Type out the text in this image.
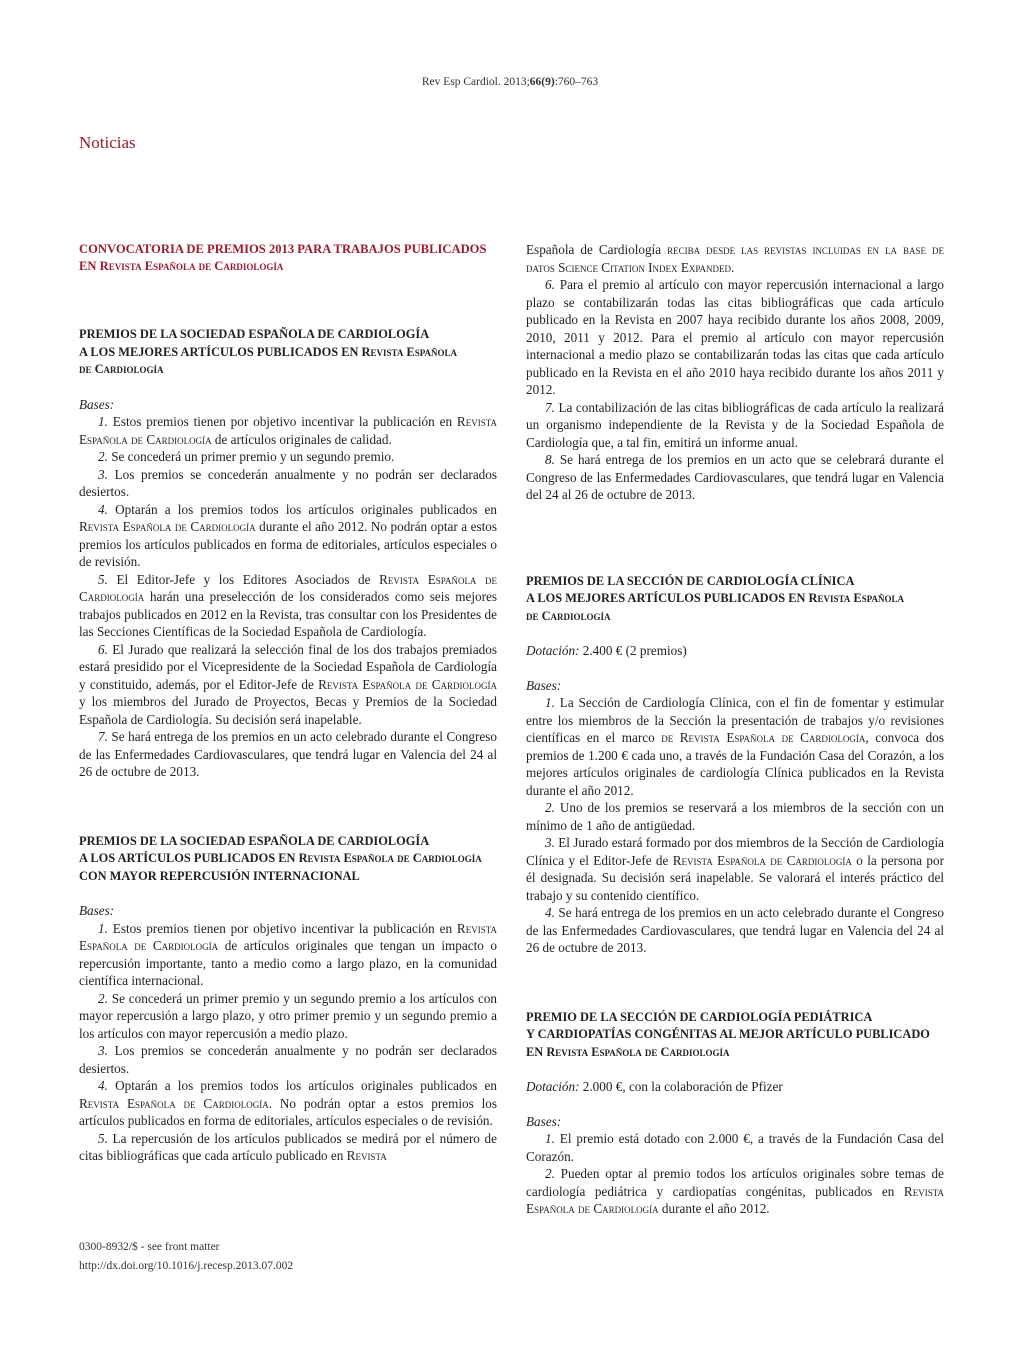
Rev Esp Cardiol. 2013;66(9):760–763
Noticias
CONVOCATORIA DE PREMIOS 2013 PARA TRABAJOS PUBLICADOS
EN Revista Española de Cardiología
PREMIOS DE LA SOCIEDAD ESPAÑOLA DE CARDIOLOGÍA
A LOS MEJORES ARTÍCULOS PUBLICADOS EN Revista Española
de Cardiología

Bases:

1. Estos premios tienen por objetivo incentivar la publicación en Revista Española de Cardiología de artículos originales de calidad.

2. Se concederá un primer premio y un segundo premio.

3. Los premios se concederán anualmente y no podrán ser declarados desiertos.

4. Optarán a los premios todos los artículos originales publicados en Revista Española de Cardiología durante el año 2012. No podrán optar a estos premios los artículos publicados en forma de editoriales, artículos especiales o de revisión.

5. El Editor-Jefe y los Editores Asociados de Revista Española de Cardiología harán una preselección de los considerados como seis mejores trabajos publicados en 2012 en la Revista, tras consultar con los Presidentes de las Secciones Científicas de la Sociedad Española de Cardiología.

6. El Jurado que realizará la selección final de los dos trabajos premiados estará presidido por el Vicepresidente de la Sociedad Española de Cardiología y constituido, además, por el Editor-Jefe de Revista Española de Cardiología y los miembros del Jurado de Proyectos, Becas y Premios de la Sociedad Española de Cardiología. Su decisión será inapelable.

7. Se hará entrega de los premios en un acto celebrado durante el Congreso de las Enfermedades Cardiovasculares, que tendrá lugar en Valencia del 24 al 26 de octubre de 2013.

PREMIOS DE LA SOCIEDAD ESPAÑOLA DE CARDIOLOGÍA
A LOS ARTÍCULOS PUBLICADOS EN Revista Española de Cardiología
CON MAYOR REPERCUSIÓN INTERNACIONAL

Bases:

1. Estos premios tienen por objetivo incentivar la publicación en Revista Española de Cardiología de artículos originales que tengan un impacto o repercusión importante, tanto a medio como a largo plazo, en la comunidad científica internacional.

2. Se concederá un primer premio y un segundo premio a los artículos con mayor repercusión a largo plazo, y otro primer premio y un segundo premio a los artículos con mayor repercusión a medio plazo.

3. Los premios se concederán anualmente y no podrán ser declarados desiertos.

4. Optarán a los premios todos los artículos originales publicados en Revista Española de Cardiología. No podrán optar a estos premios los artículos publicados en forma de editoriales, artículos especiales o de revisión.

5. La repercusión de los artículos publicados se medirá por el número de citas bibliográficas que cada artículo publicado en Revista

Española de Cardiología reciba desde las revistas incluidas en la base de datos Science Citation Index Expanded.

6. Para el premio al artículo con mayor repercusión internacional a largo plazo se contabilizarán todas las citas bibliográficas que cada artículo publicado en la Revista en 2007 haya recibido durante los años 2008, 2009, 2010, 2011 y 2012. Para el premio al artículo con mayor repercusión internacional a medio plazo se contabilizarán todas las citas que cada artículo publicado en la Revista en el año 2010 haya recibido durante los años 2011 y 2012.

7. La contabilización de las citas bibliográficas de cada artículo la realizará un organismo independiente de la Revista y de la Sociedad Española de Cardiología que, a tal fin, emitirá un informe anual.

8. Se hará entrega de los premios en un acto que se celebrará durante el Congreso de las Enfermedades Cardiovasculares, que tendrá lugar en Valencia del 24 al 26 de octubre de 2013.

PREMIOS DE LA SECCIÓN DE CARDIOLOGÍA CLÍNICA
A LOS MEJORES ARTÍCULOS PUBLICADOS EN Revista Española
de Cardiología

Dotación: 2.400 € (2 premios)

Bases:

1. La Sección de Cardiología Clínica, con el fin de fomentar y estimular entre los miembros de la Sección la presentación de trabajos y/o revisiones científicas en el marco de Revista Española de Cardiología, convoca dos premios de 1.200 € cada uno, a través de la Fundación Casa del Corazón, a los mejores artículos originales de cardiología Clínica publicados en la Revista durante el año 2012.

2. Uno de los premios se reservará a los miembros de la sección con un mínimo de 1 año de antigüedad.

3. El Jurado estará formado por dos miembros de la Sección de Cardiología Clínica y el Editor-Jefe de Revista Española de Cardiología o la persona por él designada. Su decisión será inapelable. Se valorará el interés práctico del trabajo y su contenido científico.

4. Se hará entrega de los premios en un acto celebrado durante el Congreso de las Enfermedades Cardiovasculares, que tendrá lugar en Valencia del 24 al 26 de octubre de 2013.

PREMIO DE LA SECCIÓN DE CARDIOLOGÍA PEDIÁTRICA
Y CARDIOPATÍAS CONGÉNITAS AL MEJOR ARTÍCULO PUBLICADO
EN Revista Española de Cardiología

Dotación: 2.000 €, con la colaboración de Pfizer

Bases:

1. El premio está dotado con 2.000 €, a través de la Fundación Casa del Corazón.

2. Pueden optar al premio todos los artículos originales sobre temas de cardiología pediátrica y cardiopatías congénitas, publicados en Revista Española de Cardiología durante el año 2012.

0300-8932/$ - see front matter
http://dx.doi.org/10.1016/j.recesp.2013.07.002
